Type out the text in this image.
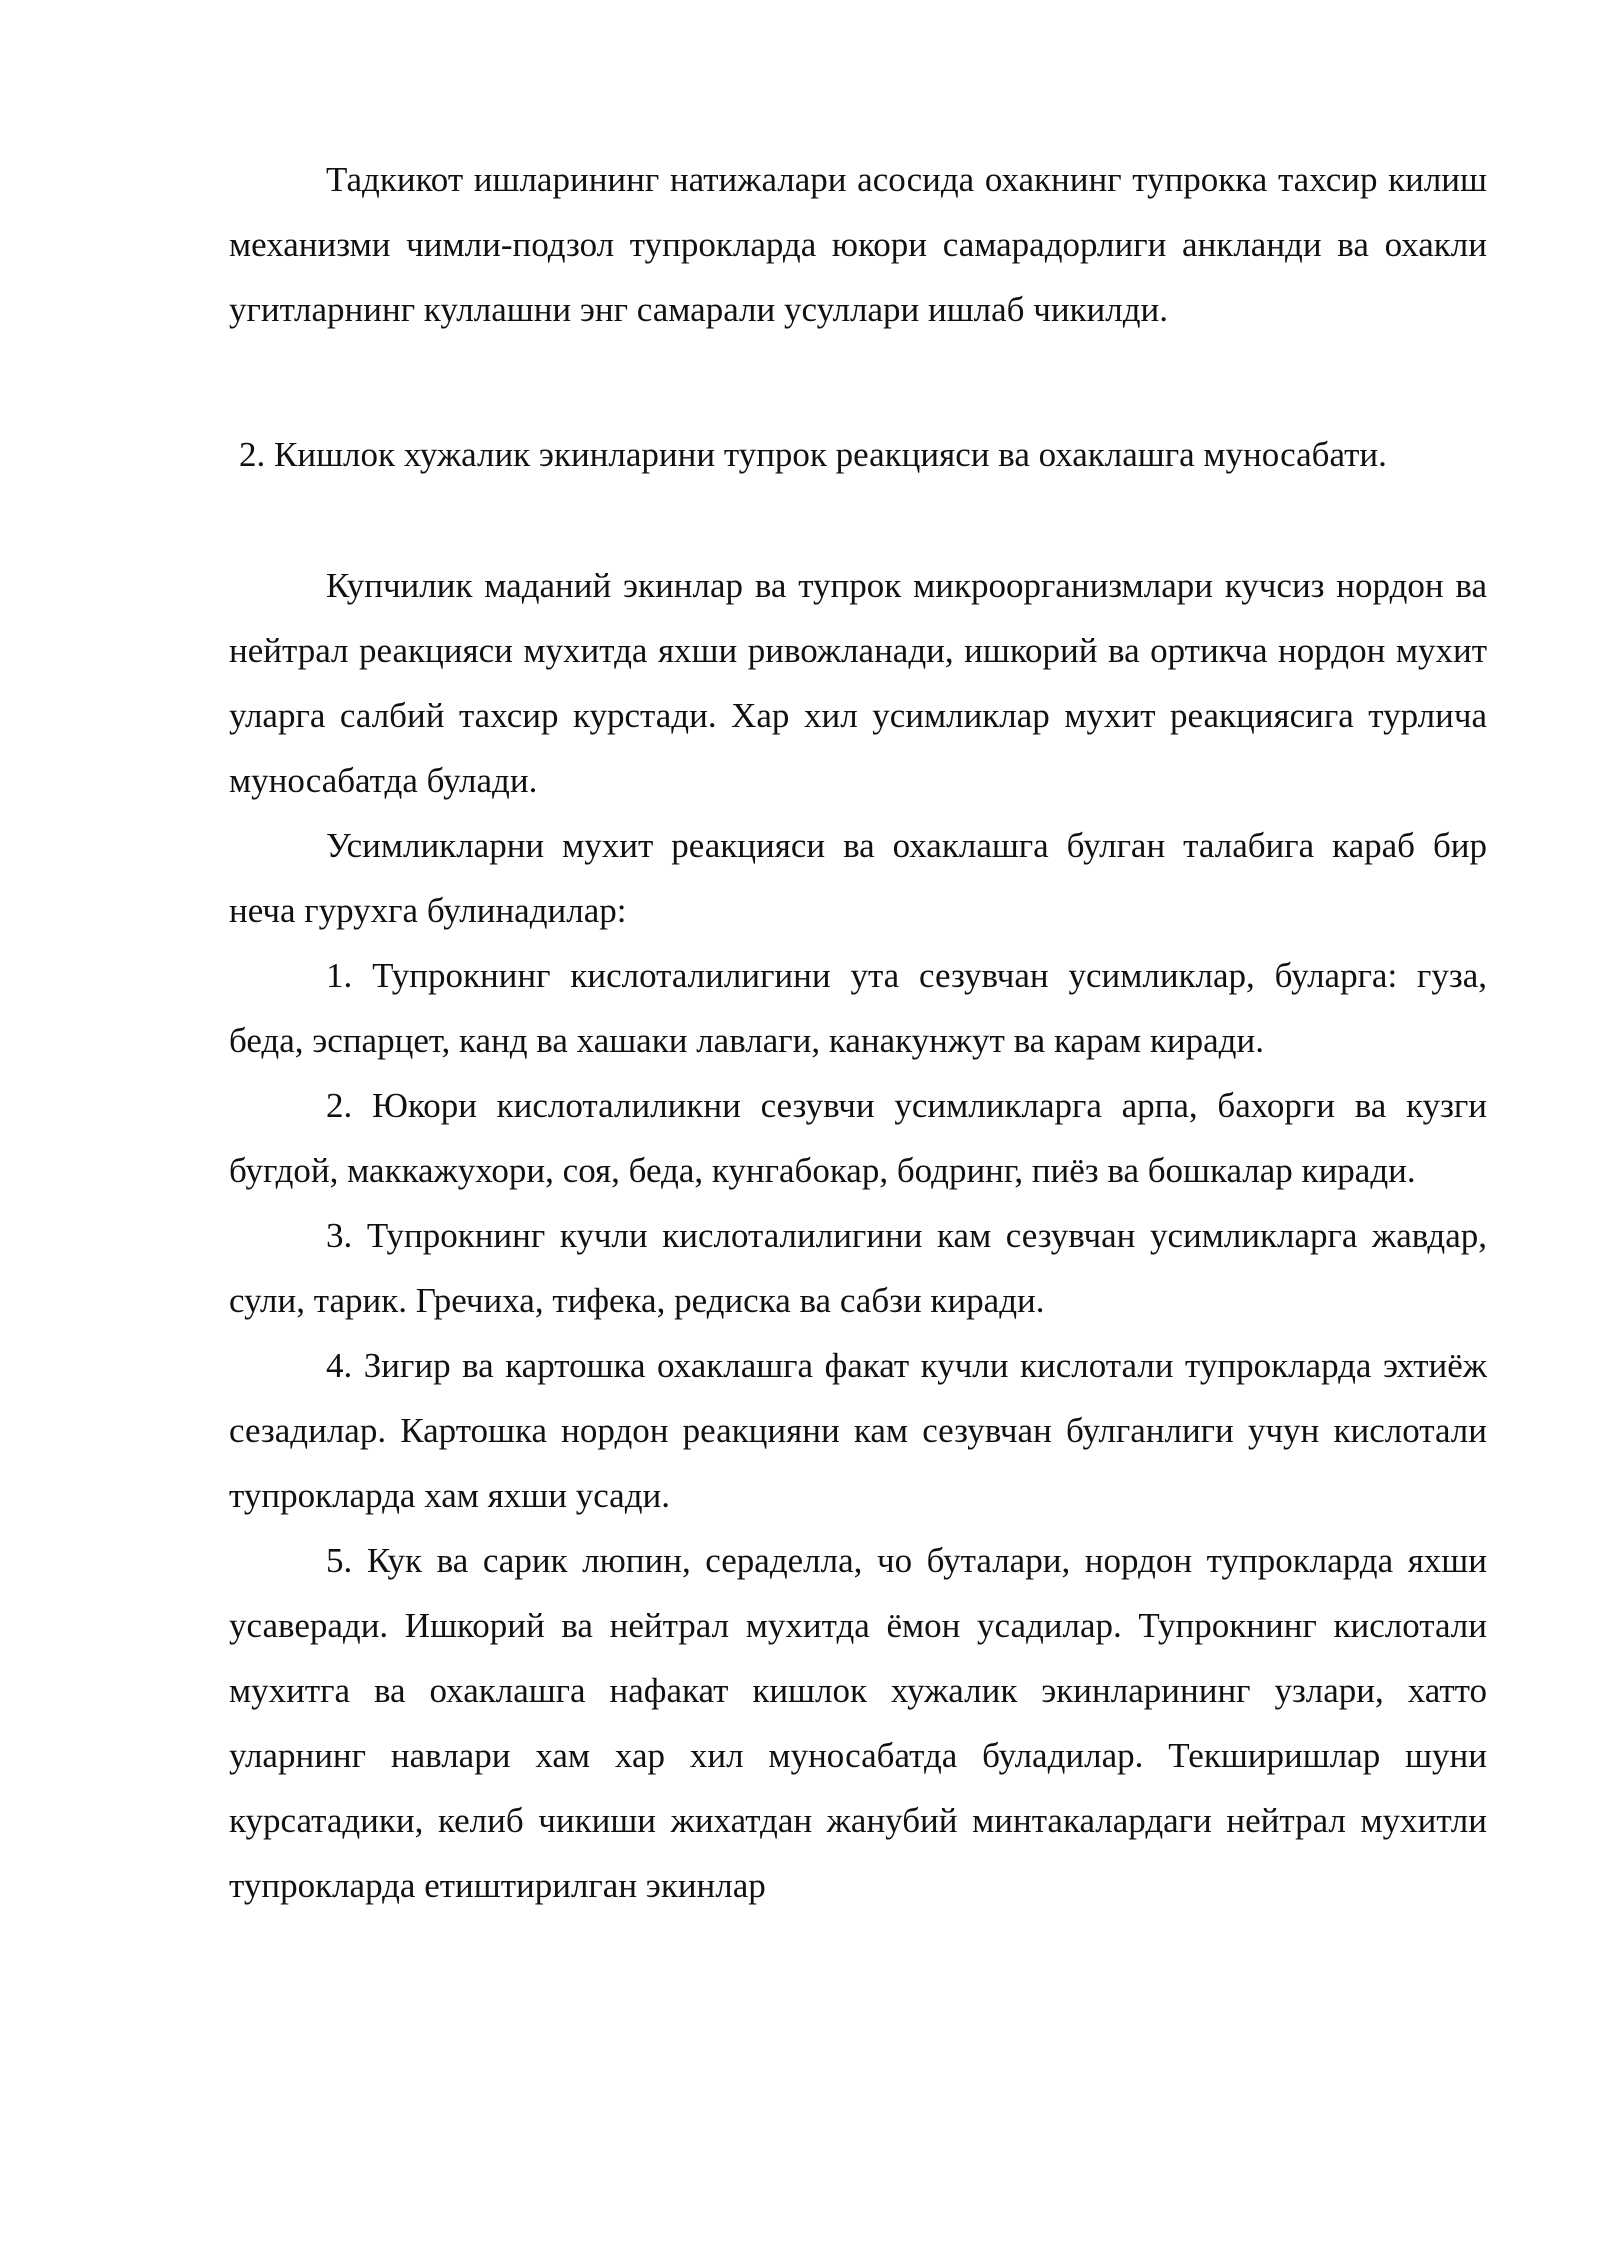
Тадкикот ишларининг натижалари асосида охакнинг тупрокка тахсир килиш механизми чимли-подзол тупрокларда юкори самарадорлиги анкланди ва охакли угитларнинг куллашни энг самарали усуллари ишлаб чикилди.

2. Кишлок хужалик экинларини тупрок реакцияси ва охаклашга муносабати.

Купчилик маданий экинлар ва тупрок микроорганизмлари кучсиз нордон ва нейтрал реакцияси мухитда яхши ривожланади, ишкорий ва ортикча нордон мухит уларга салбий тахсир курстади. Хар хил усимликлар мухит реакциясига турлича муносабатда булади.

Усимликларни мухит реакцияси ва охаклашга булган талабига караб бир неча гурухга булинадилар:

1. Тупрокнинг кислоталилигини ута сезувчан усимликлар, буларга: гуза, беда, эспарцет, канд ва хашаки лавлаги, канакунжут ва карам киради.

2. Юкори кислоталиликни сезувчи усимликларга арпа, бахорги ва кузги бугдой, маккажухори, соя, беда, кунгабокар, бодринг, пиёз ва бошкалар киради.

3. Тупрокнинг кучли кислоталилигини кам сезувчан усимликларга жавдар, сули, тарик. Гречиха, тифека, редиска ва сабзи киради.

4. Зигир ва картошка охаклашга факат кучли кислотали тупрокларда эхтиёж сезадилар. Картошка нордон реакцияни кам сезувчан булганлиги учун кислотали тупрокларда хам яхши усади.

5. Кук ва сарик люпин, сераделла, чо буталари, нордон тупрокларда яхши усаверади. Ишкорий ва нейтрал мухитда ёмон усадилар. Тупрокнинг кислотали мухитга ва охаклашга нафакат кишлок хужалик экинларининг узлари, хатто уларнинг навлари хам хар хил муносабатда буладилар. Текширишлар шуни курсатадики, келиб чикиши жихатдан жанубий минтакалардаги нейтрал мухитли тупрокларда етиштирилган экинлар
